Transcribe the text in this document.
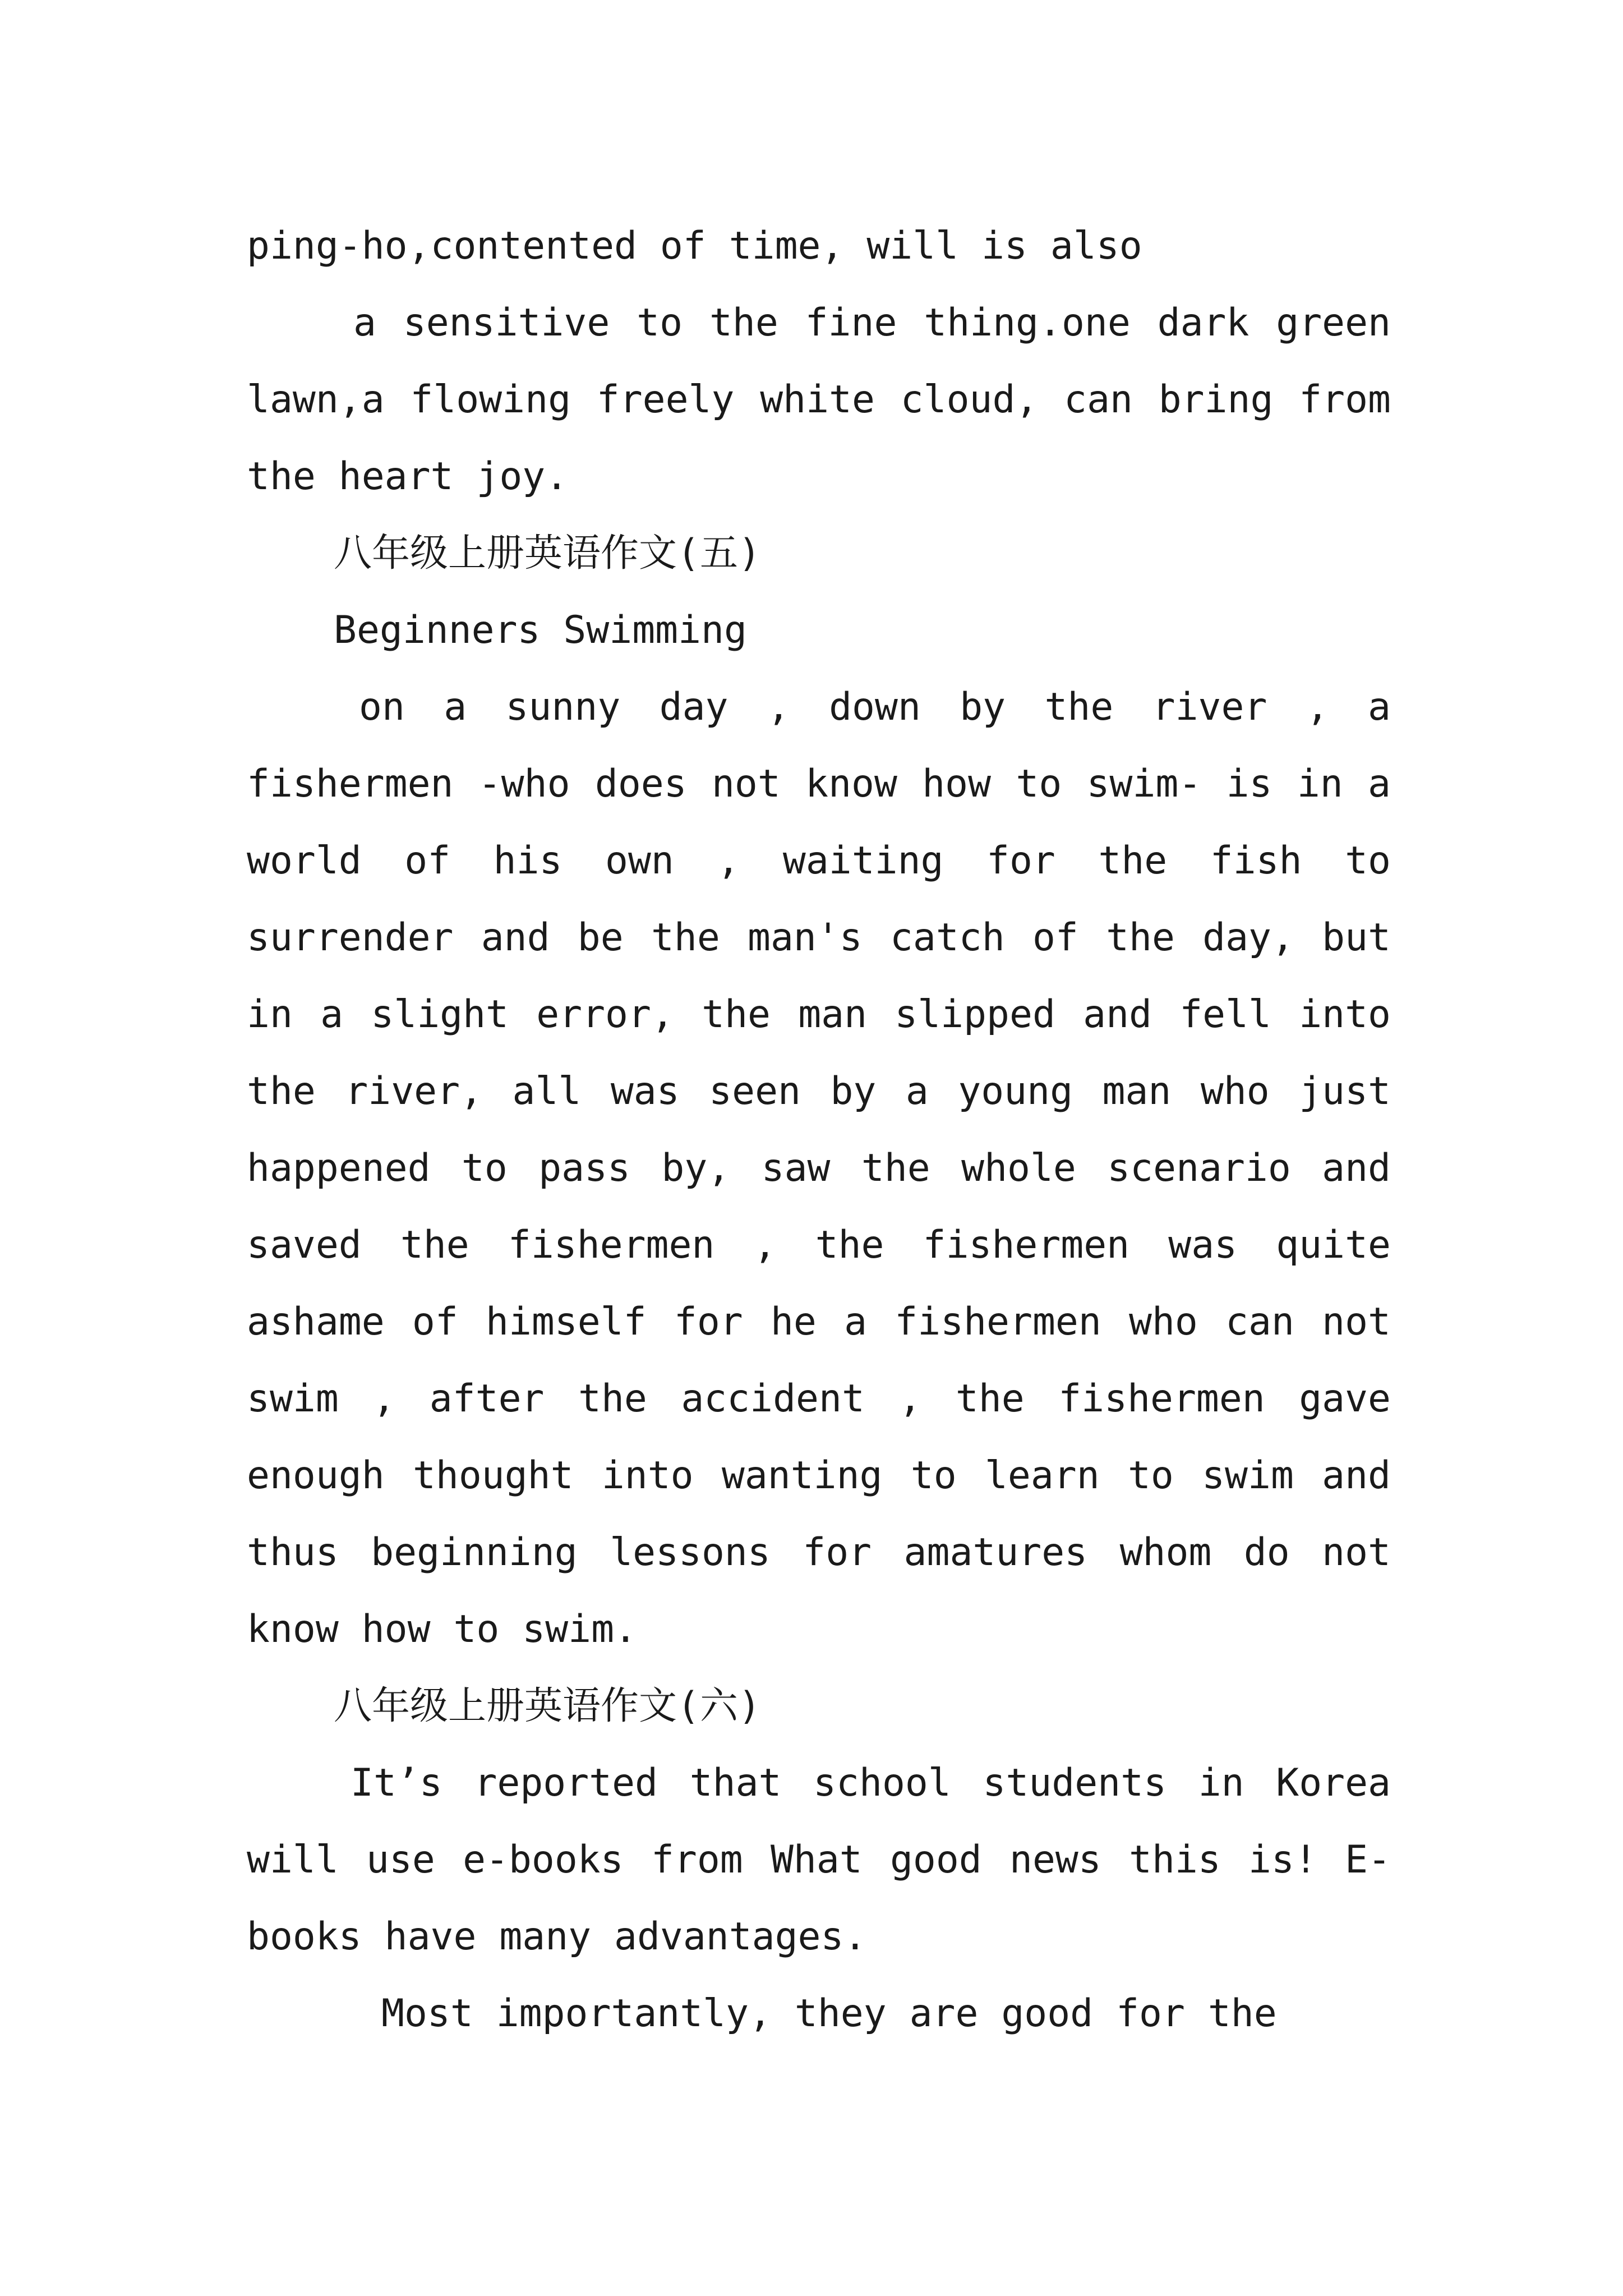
ping-ho,contented of time, will is also

a sensitive to the fine thing.one dark green lawn,a flowing freely white cloud, can bring from the heart joy.

八年级上册英语作文(五)

Beginners Swimming

on a sunny day , down by the river , a fishermen -who does not know how to swim- is in a world of his own , waiting for the fish to surrender and be the man's catch of the day, but in a slight error, the man slipped and fell into the river, all was seen by a young man who just happened to pass by, saw the whole scenario and saved the fishermen , the fishermen was quite ashame of himself for he a fishermen who can not swim , after the accident , the fishermen gave enough thought into wanting to learn to swim and thus beginning lessons for amatures whom do not know how to swim.

八年级上册英语作文(六)

It’s reported that school students in Korea will use e-books from What good news this is! E-books have many advantages.

Most importantly, they are good for the
